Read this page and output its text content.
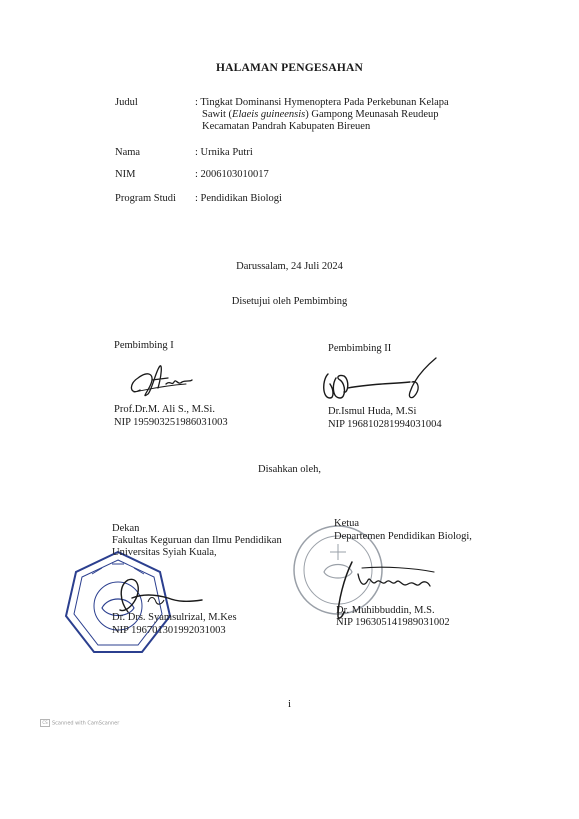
HALAMAN PENGESAHAN
Judul	: Tingkat Dominansi Hymenoptera Pada Perkebunan Kelapa
Sawit (Elaeis guineensis) Gampong Meunasah Reudeup
Kecamatan Pandrah Kabupaten Bireuen
Nama	: Urnika Putri
NIM	: 2006103010017
Program Studi : Pendidikan Biologi
Darussalam, 24 Juli 2024
Disetujui oleh Pembimbing
Pembimbing I
Prof.Dr.M. Ali S., M.Si.
NIP 195903251986031003
Pembimbing II
Dr.Ismul Huda, M.Si
NIP 196810281994031004
Disahkan oleh,
Dekan
Fakultas Keguruan dan Ilmu Pendidikan
Universitas Syiah Kuala,
Dr. Drs. Syamsulrizal, M.Kes
NIP 196701301992031003
Ketua
Departemen Pendidikan Biologi,
Dr. Muhibbuddin, M.S.
NIP 196305141989031002
i
CS Scanned with CamScanner
